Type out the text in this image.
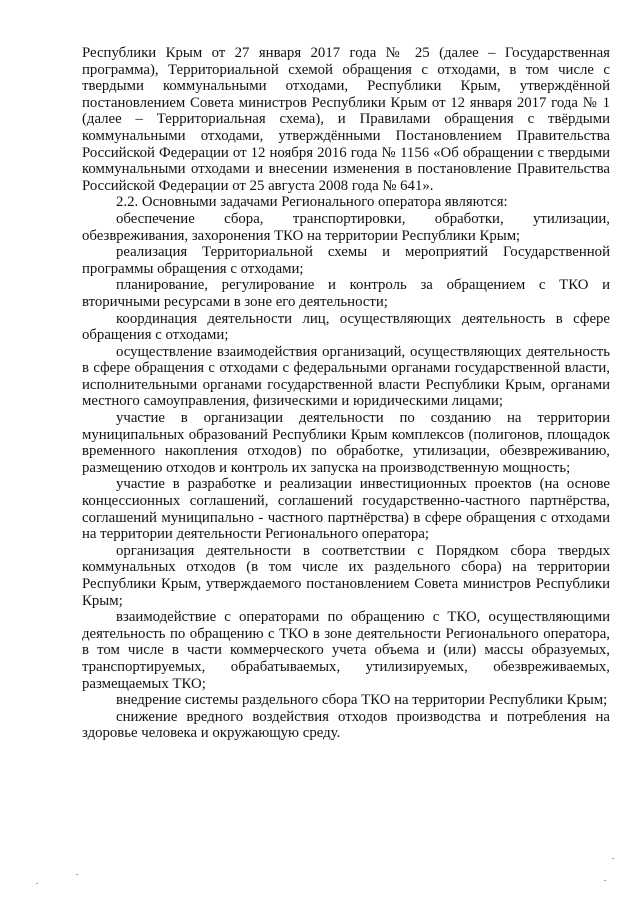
Республики Крым от 27 января 2017 года № 25 (далее – Государственная программа), Территориальной схемой обращения с отходами, в том числе с твердыми коммунальными отходами, Республики Крым, утверждённой постановлением Совета министров Республики Крым от 12 января 2017 года № 1 (далее – Территориальная схема), и Правилами обращения с твёрдыми коммунальными отходами, утверждёнными Постановлением Правительства Российской Федерации от 12 ноября 2016 года № 1156 «Об обращении с твердыми коммунальными отходами и внесении изменения в постановление Правительства Российской Федерации от 25 августа 2008 года № 641».

2.2. Основными задачами Регионального оператора являются:

обеспечение сбора, транспортировки, обработки, утилизации, обезвреживания, захоронения ТКО на территории Республики Крым;

реализация Территориальной схемы и мероприятий Государственной программы обращения с отходами;

планирование, регулирование и контроль за обращением с ТКО и вторичными ресурсами в зоне его деятельности;

координация деятельности лиц, осуществляющих деятельность в сфере обращения с отходами;

осуществление взаимодействия организаций, осуществляющих деятельность в сфере обращения с отходами с федеральными органами государственной власти, исполнительными органами государственной власти Республики Крым, органами местного самоуправления, физическими и юридическими лицами;

участие в организации деятельности по созданию на территории муниципальных образований Республики Крым комплексов (полигонов, площадок временного накопления отходов) по обработке, утилизации, обезвреживанию, размещению отходов и контроль их запуска на производственную мощность;

участие в разработке и реализации инвестиционных проектов (на основе концессионных соглашений, соглашений государственно-частного партнёрства, соглашений муниципально - частного партнёрства) в сфере обращения с отходами на территории деятельности Регионального оператора;

организация деятельности в соответствии с Порядком сбора твердых коммунальных отходов (в том числе их раздельного сбора) на территории Республики Крым, утверждаемого постановлением Совета министров Республики Крым;

взаимодействие с операторами по обращению с ТКО, осуществляющими деятельность по обращению с ТКО в зоне деятельности Регионального оператора, в том числе в части коммерческого учета объема и (или) массы образуемых, транспортируемых, обрабатываемых, утилизируемых, обезвреживаемых, размещаемых ТКО;

внедрение системы раздельного сбора ТКО на территории Республики Крым;

снижение вредного воздействия отходов производства и потребления на здоровье человека и окружающую среду.
